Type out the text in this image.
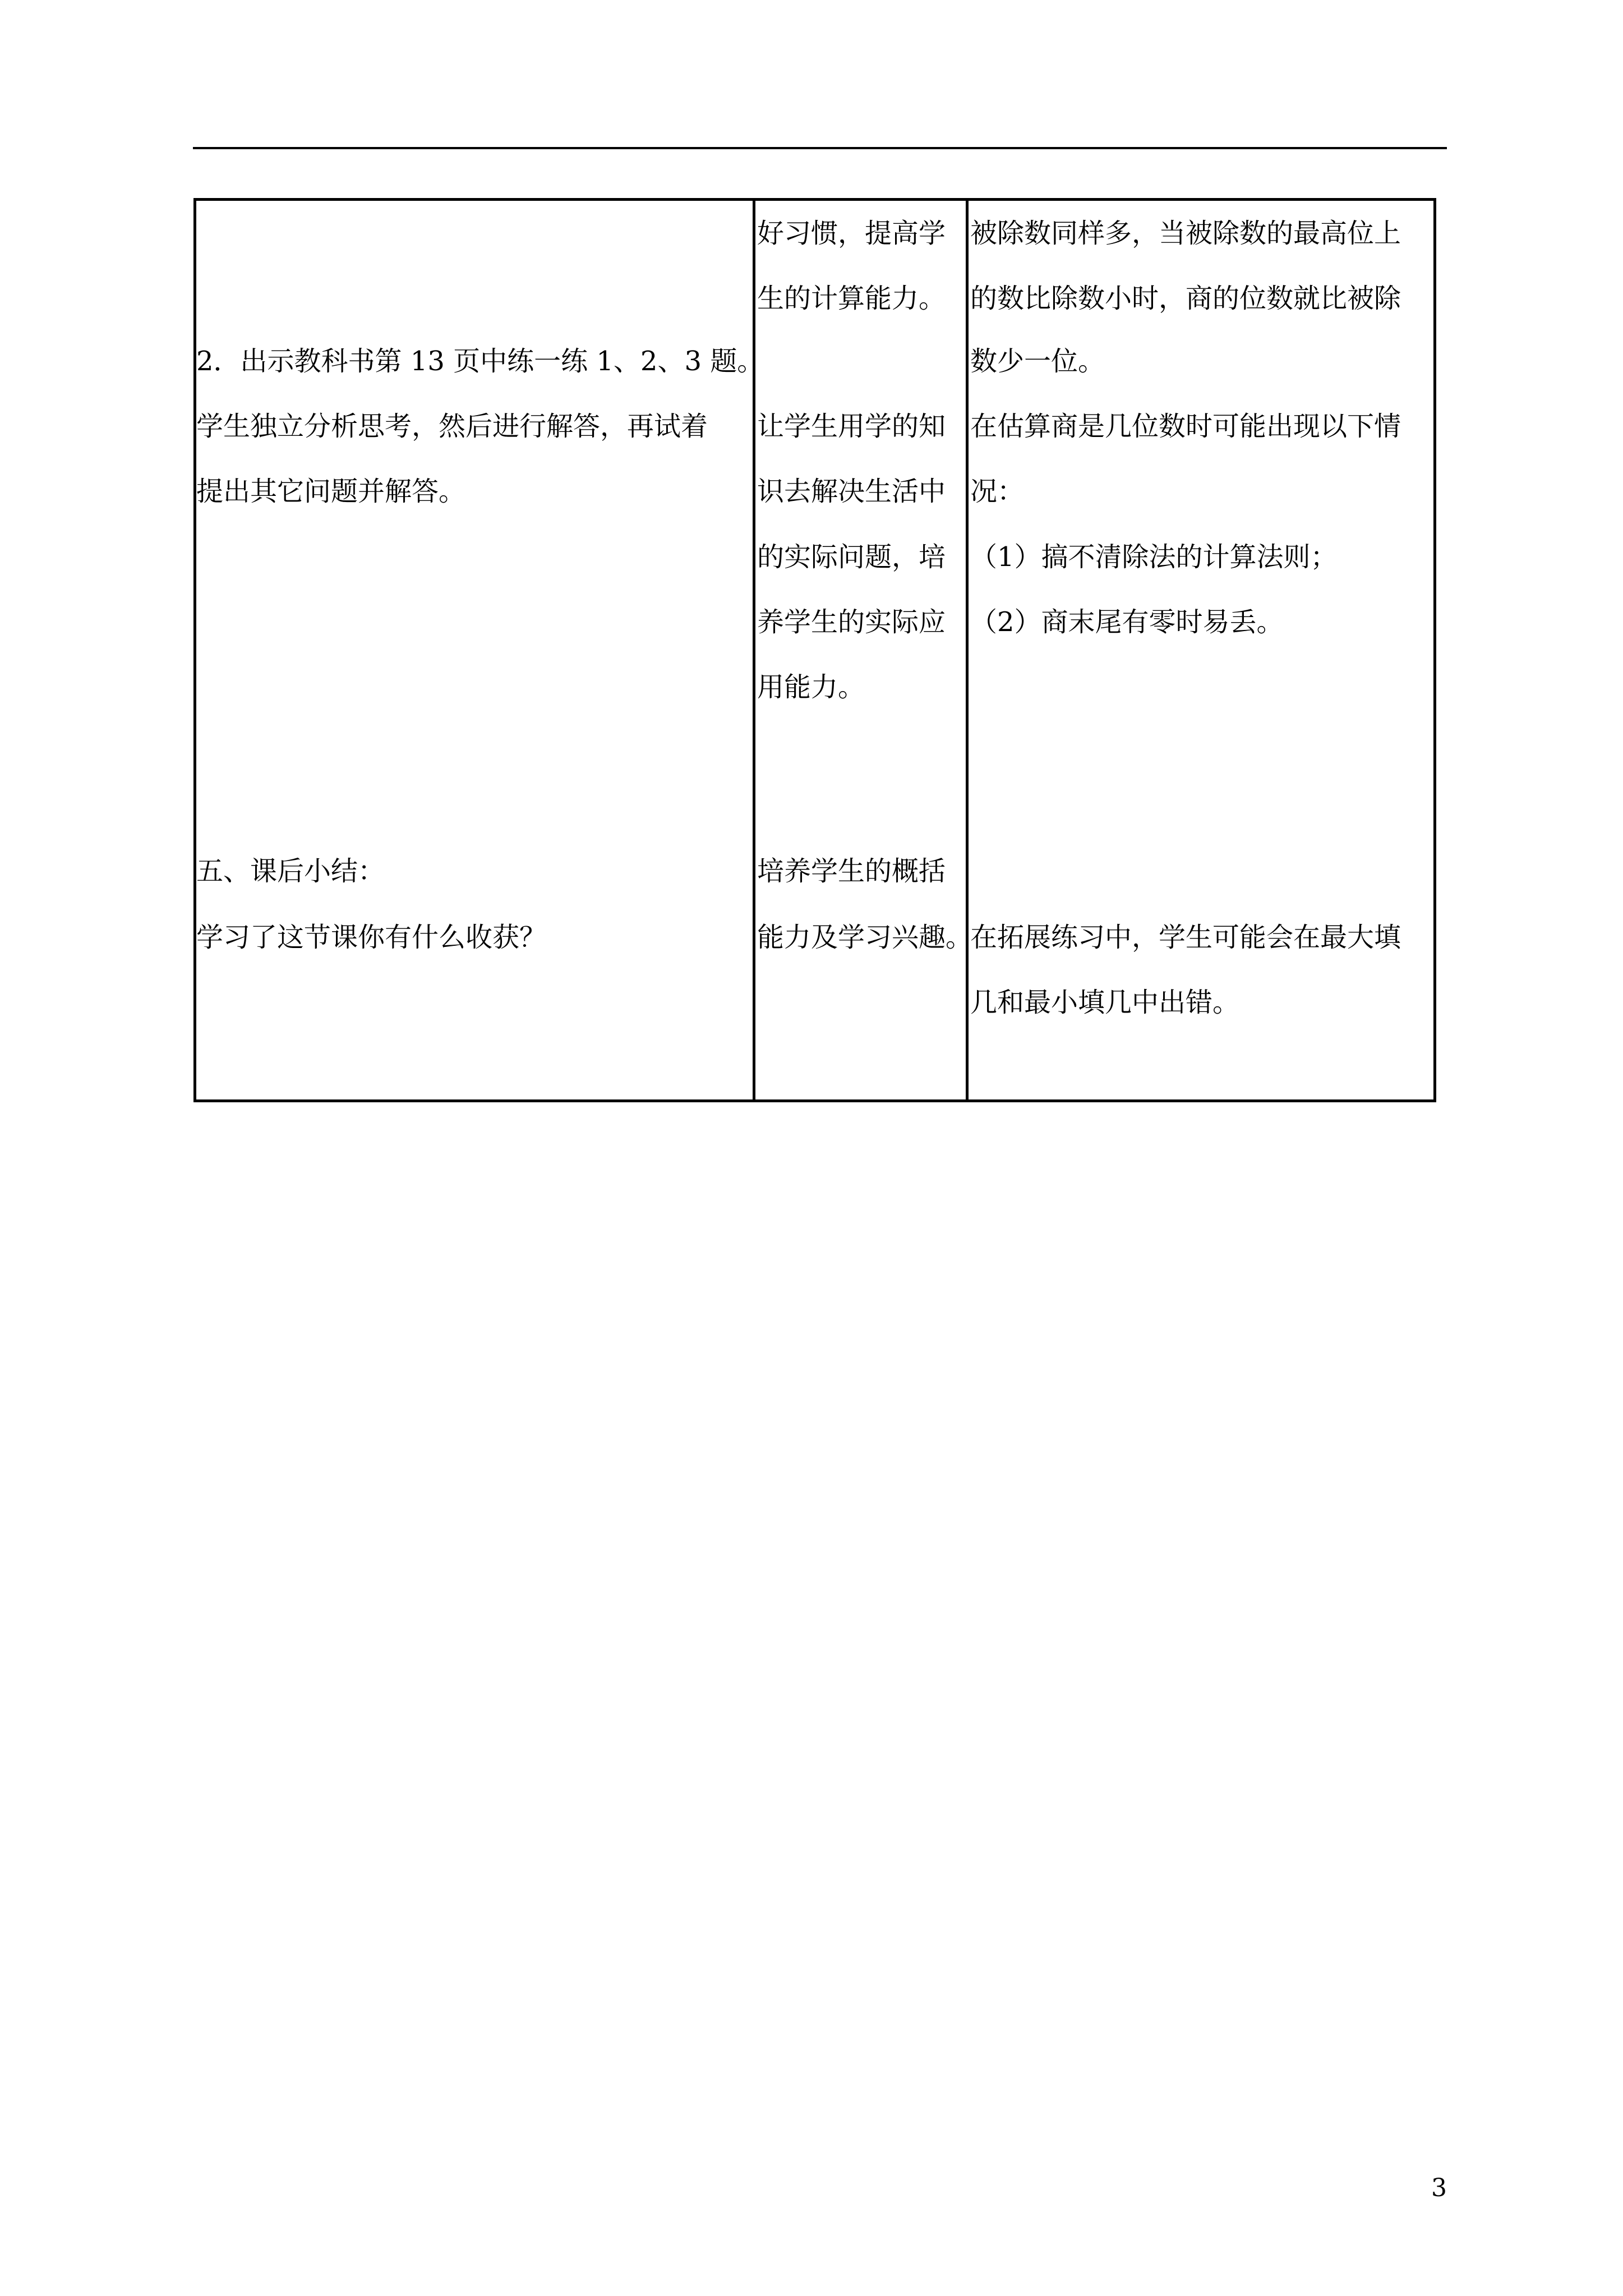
2．出示教科书第 13 页中练一练 1、2、3 题。
学生独立分析思考，然后进行解答，再试着
提出其它问题并解答。
五、课后小结：
学习了这节课你有什么收获？
好习惯，提高学
生的计算能力。
让学生用学的知
识去解决生活中
的实际问题，培
养学生的实际应
用能力。
培养学生的概括
能力及学习兴趣。
被除数同样多，当被除数的最高位上
的数比除数小时，商的位数就比被除
数少一位。
在估算商是几位数时可能出现以下情
况：
（1）搞不清除法的计算法则；
（2）商末尾有零时易丢。
在拓展练习中，学生可能会在最大填
几和最小填几中出错。
3
